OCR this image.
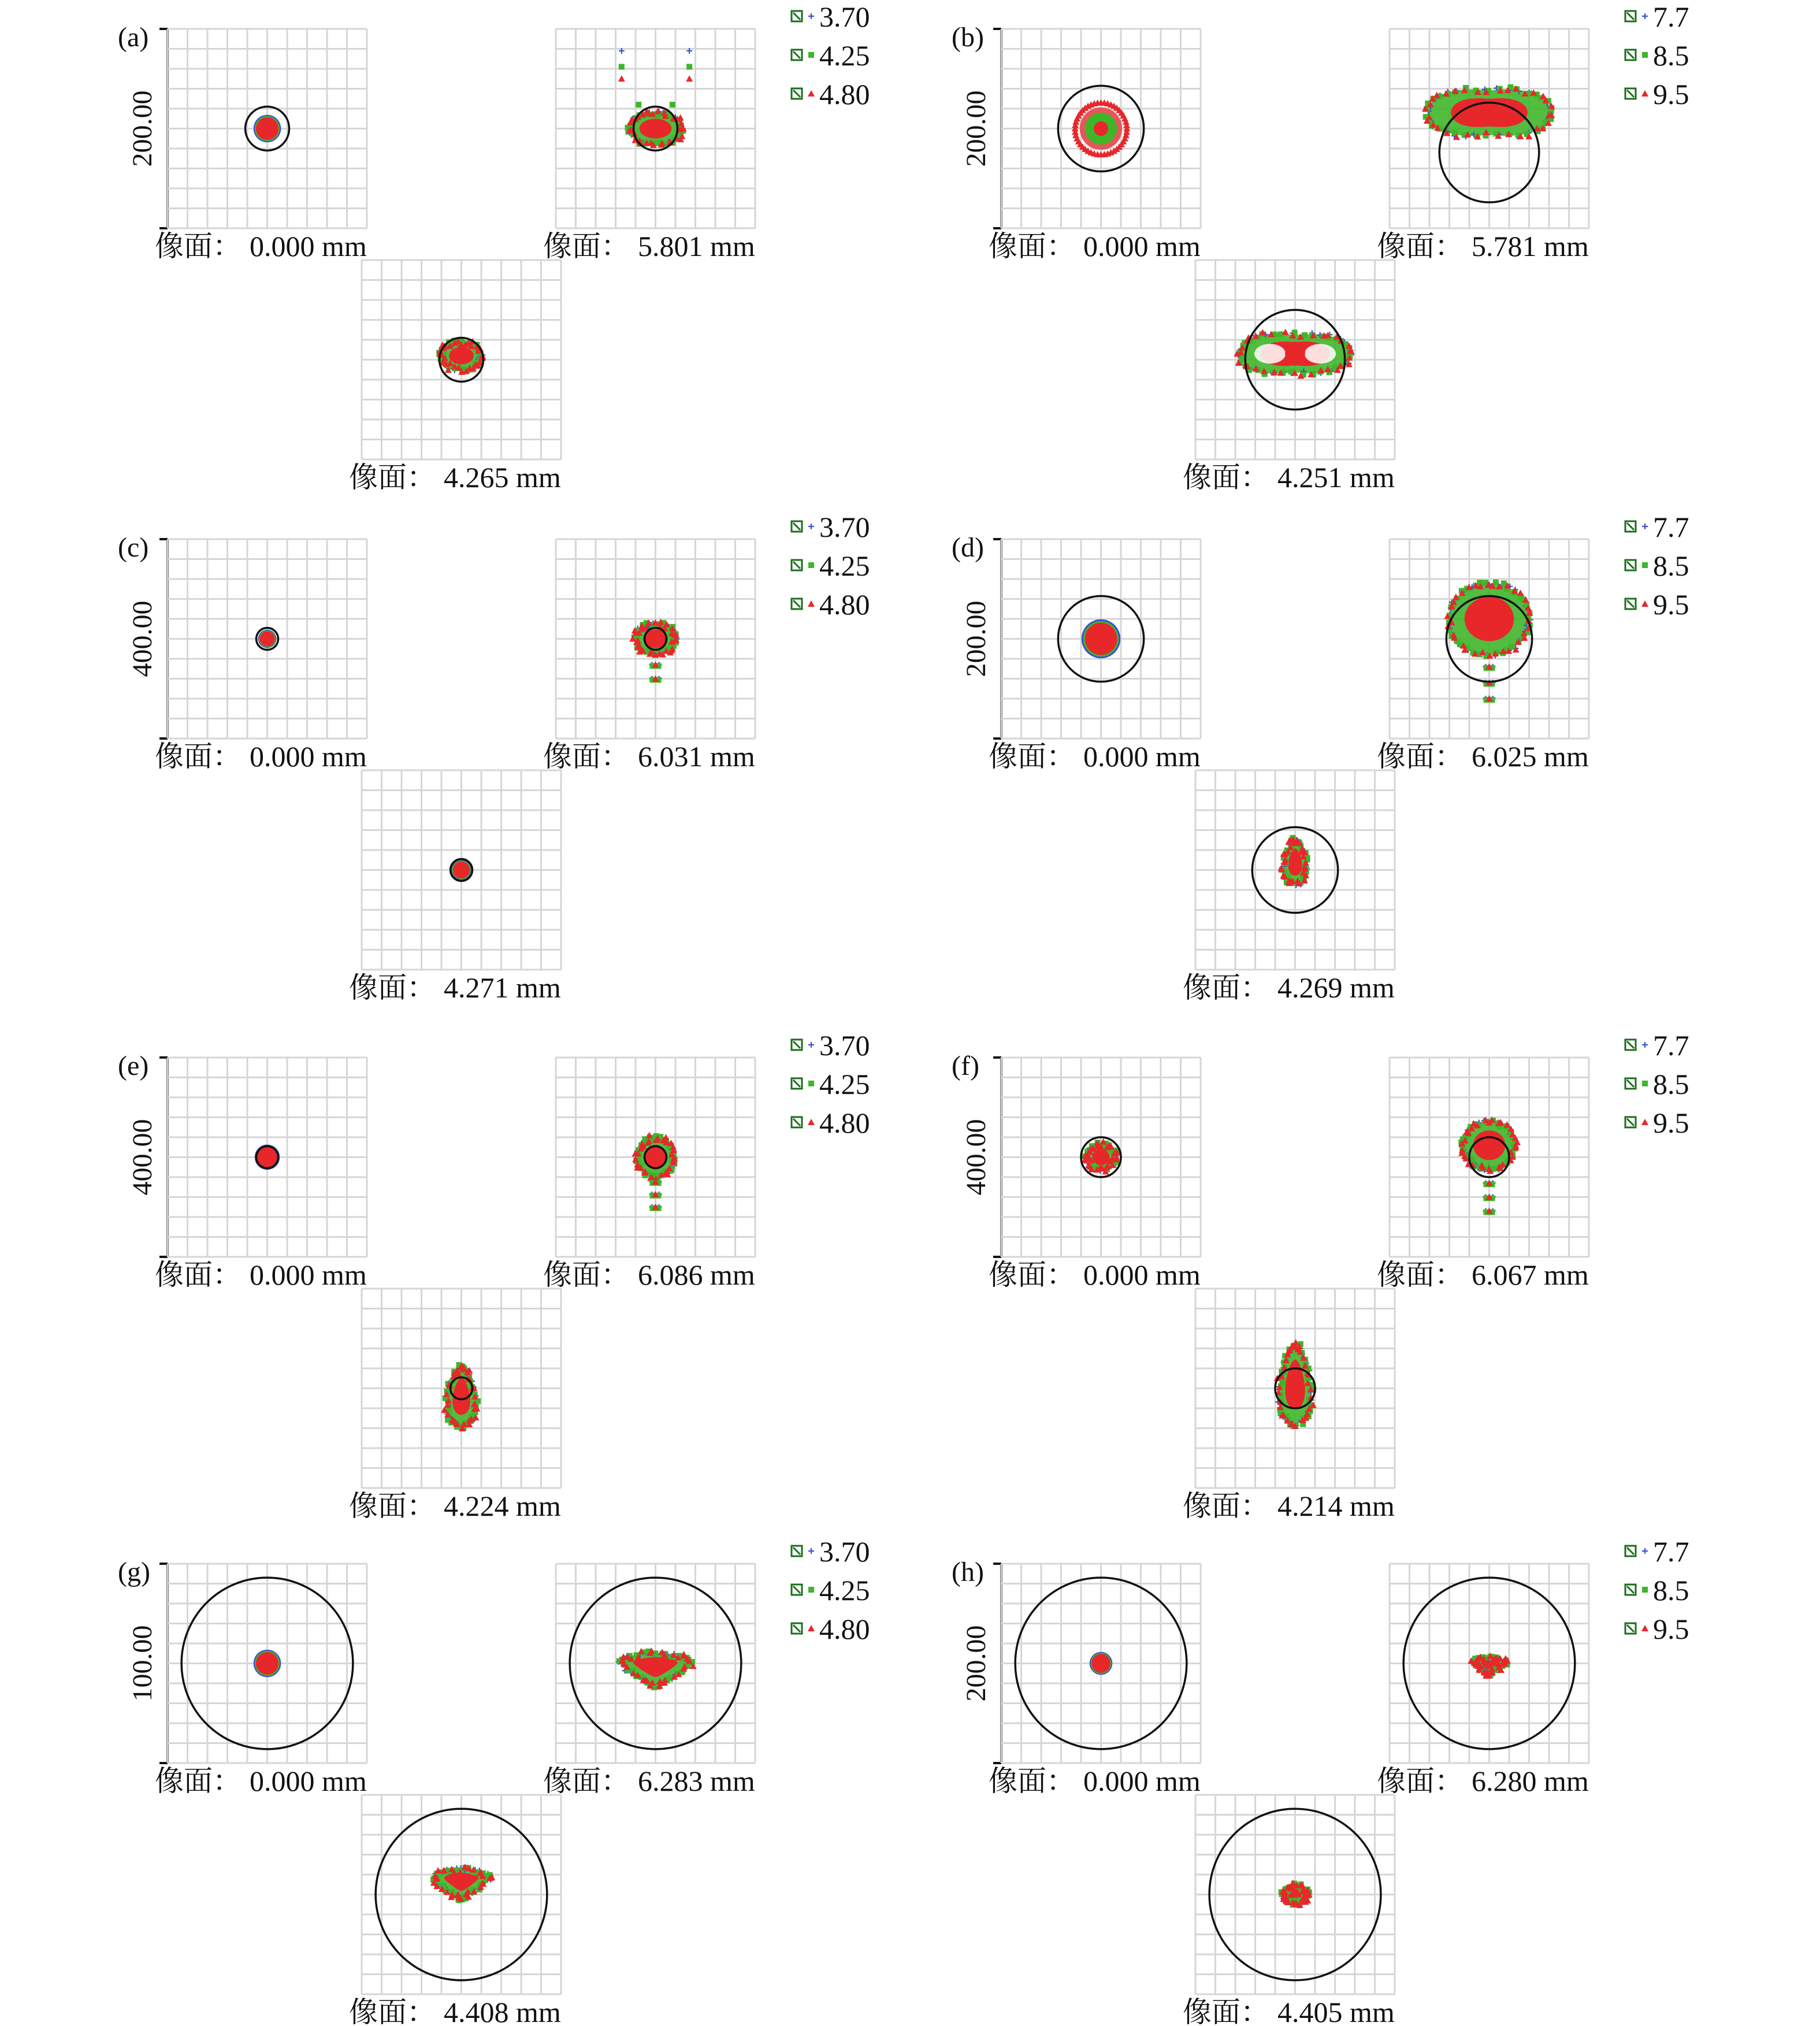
(a)
200.00
像面： 0.000 mm	像面： 5.801 mm
像面： 4.265 mm
3.70
4.25
4.80
(b)
200.00
像面： 0.000 mm	像面： 5.781 mm
像面： 4.251 mm
7.7
8.5
9.5
(c)
400.00
像面： 0.000 mm	像面： 6.031 mm
像面： 4.271 mm
3.70
4.25
4.80
(d)
200.00
像面： 0.000 mm	像面： 6.025 mm
像面： 4.269 mm
7.7
8.5
9.5
(e)
400.00
像面： 0.000 mm	像面： 6.086 mm
像面： 4.224 mm
3.70
4.25
4.80
(f)
400.00
像面： 0.000 mm	像面： 6.067 mm
像面： 4.214 mm
7.7
8.5
9.5
(g)
100.00
像面： 0.000 mm	像面： 6.283 mm
像面： 4.408 mm
3.70
4.25
4.80
(h)
200.00
像面： 0.000 mm	像面： 6.280 mm
像面： 4.405 mm
7.7
8.5
9.5
